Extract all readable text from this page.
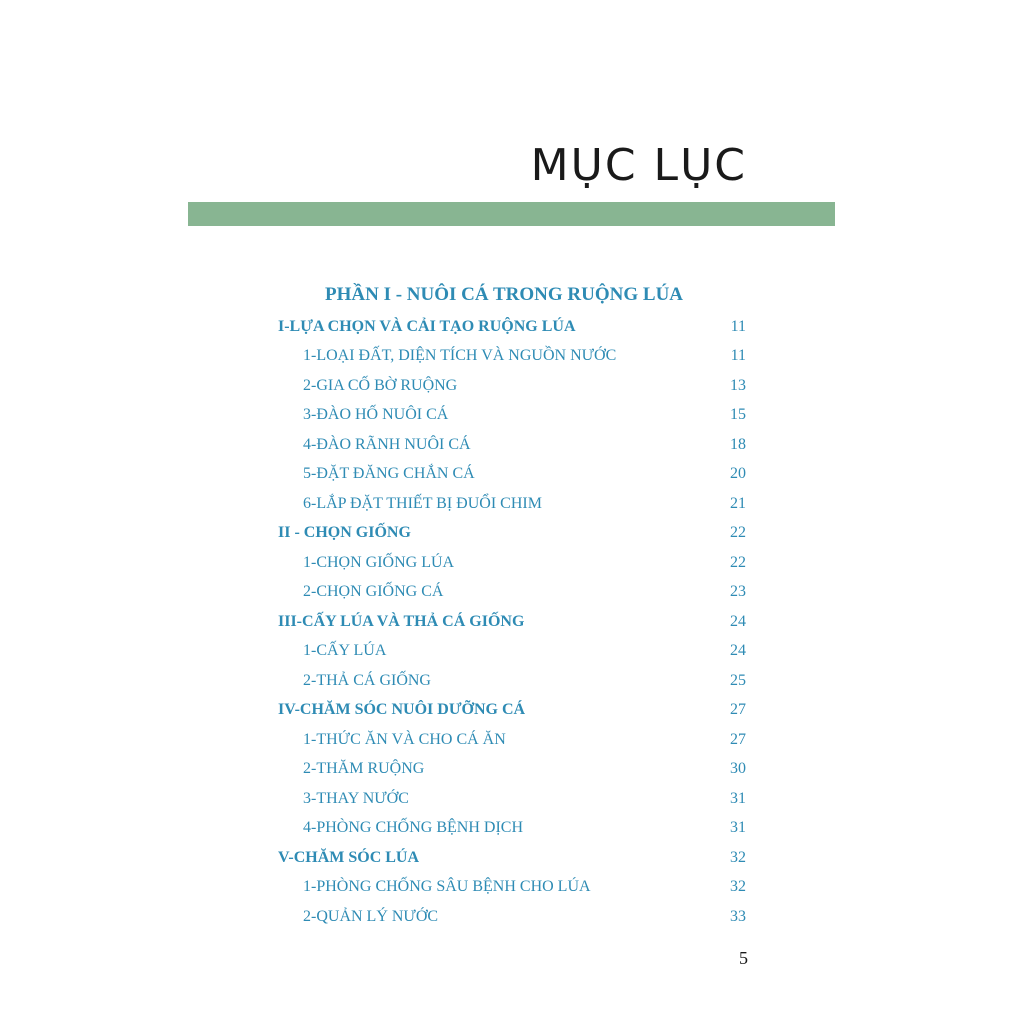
MỤC LỤC
PHẦN I - NUÔI CÁ TRONG RUỘNG LÚA
I-LỰA CHỌN VÀ CẢI TẠO RUỘNG LÚA	11
1-LOẠI ĐẤT, DIỆN TÍCH VÀ NGUỒN NƯỚC	11
2-GIA CỐ BỜ RUỘNG	13
3-ĐÀO HỐ NUÔI CÁ	15
4-ĐÀO RÃNH NUÔI CÁ	18
5-ĐẶT ĐĂNG CHẮN CÁ	20
6-LẮP ĐẶT THIẾT BỊ ĐUỔI CHIM	21
II - CHỌN GIỐNG	22
1-CHỌN GIỐNG LÚA	22
2-CHỌN GIỐNG CÁ	23
III-CẤY LÚA VÀ THẢ CÁ GIỐNG	24
1-CẤY LÚA	24
2-THẢ CÁ GIỐNG	25
IV-CHĂM SÓC NUÔI DƯỠNG CÁ	27
1-THỨC ĂN VÀ CHO CÁ ĂN	27
2-THĂM RUỘNG	30
3-THAY NƯỚC	31
4-PHÒNG CHỐNG BỆNH DỊCH	31
V-CHĂM SÓC LÚA	32
1-PHÒNG CHỐNG SÂU BỆNH CHO LÚA	32
2-QUẢN LÝ NƯỚC	33
5
